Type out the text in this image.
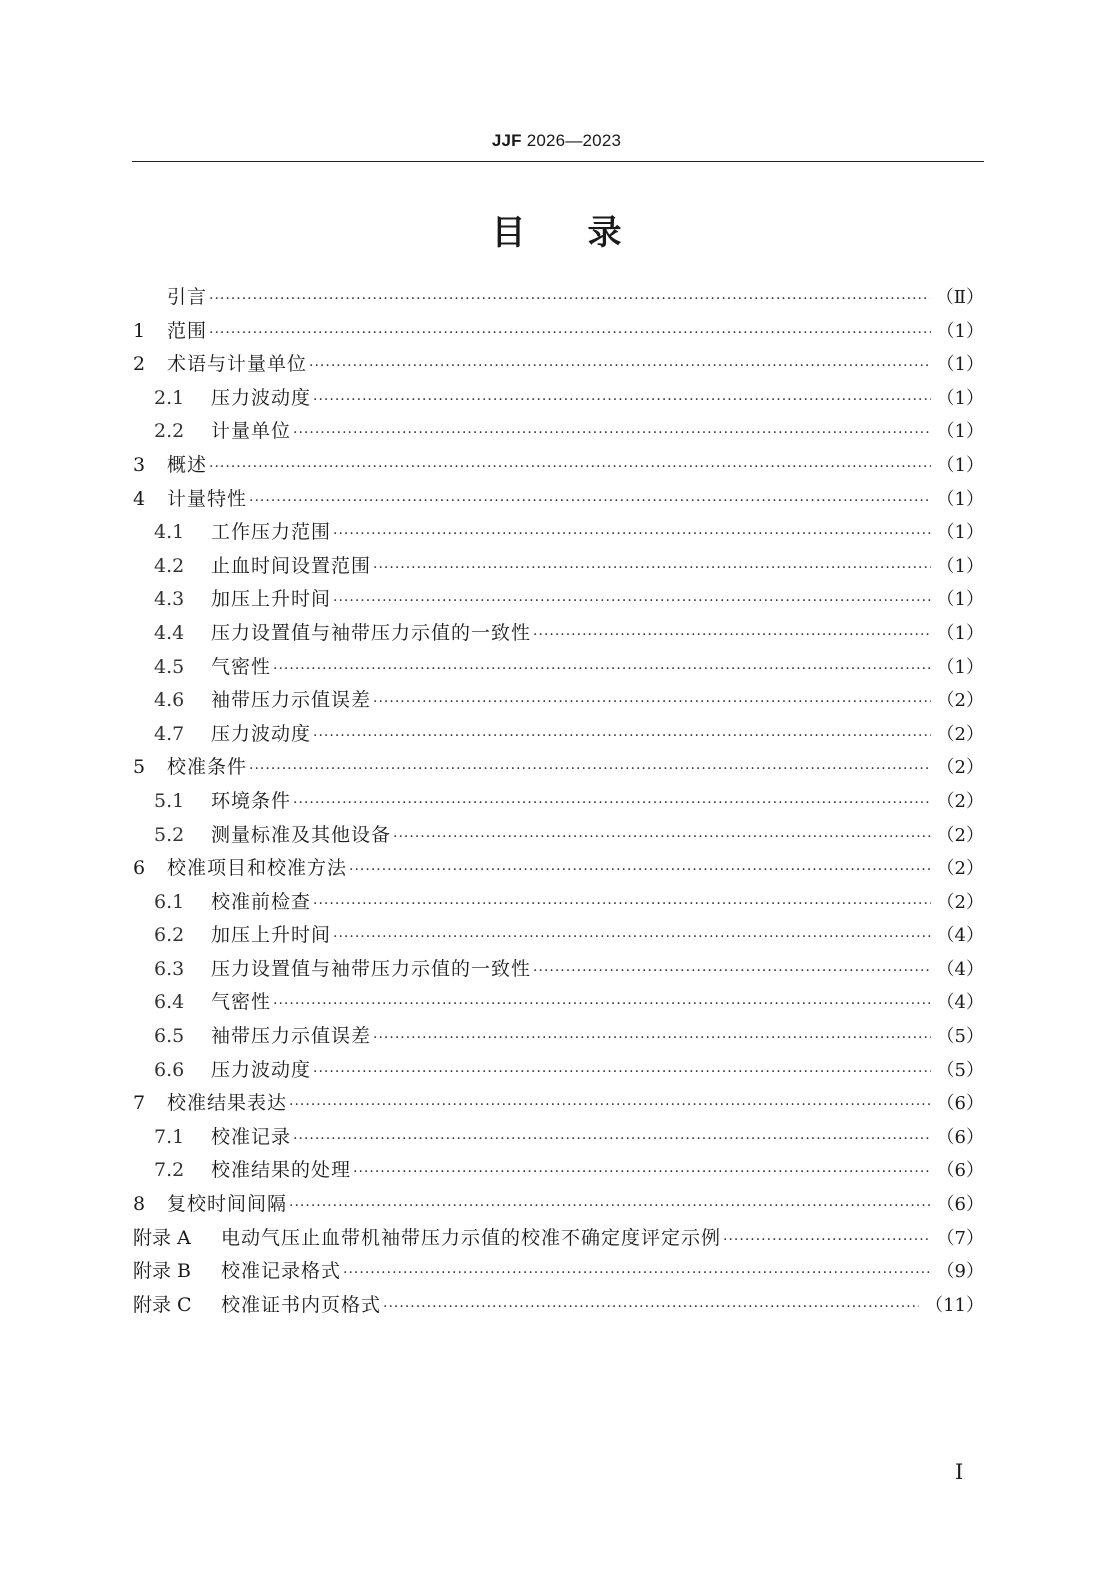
JJF 2026—2023
目 录
引言 ·····	（Ⅱ）
1	范围 ·····	（1）
2	术语与计量单位 ·····	（1）
2.1	压力波动度 ·····	（1）
2.2	计量单位 ·····	（1）
3	概述 ·····	（1）
4	计量特性 ·····	（1）
4.1	工作压力范围 ·····	（1）
4.2	止血时间设置范围 ·····	（1）
4.3	加压上升时间 ·····	（1）
4.4	压力设置值与袖带压力示值的一致性 ·····	（1）
4.5	气密性 ·····	（1）
4.6	袖带压力示值误差 ·····	（2）
4.7	压力波动度 ·····	（2）
5	校准条件 ·····	（2）
5.1	环境条件 ·····	（2）
5.2	测量标准及其他设备 ·····	（2）
6	校准项目和校准方法 ·····	（2）
6.1	校准前检查 ·····	（2）
6.2	加压上升时间 ·····	（4）
6.3	压力设置值与袖带压力示值的一致性 ·····	（4）
6.4	气密性 ·····	（4）
6.5	袖带压力示值误差 ·····	（5）
6.6	压力波动度 ·····	（5）
7	校准结果表达 ·····	（6）
7.1	校准记录 ·····	（6）
7.2	校准结果的处理 ·····	（6）
8	复校时间间隔 ·····	（6）
附录 A	电动气压止血带机袖带压力示值的校准不确定度评定示例 ·····	（7）
附录 B	校准记录格式 ·····	（9）
附录 C	校准证书内页格式 ·····	（11）
I
